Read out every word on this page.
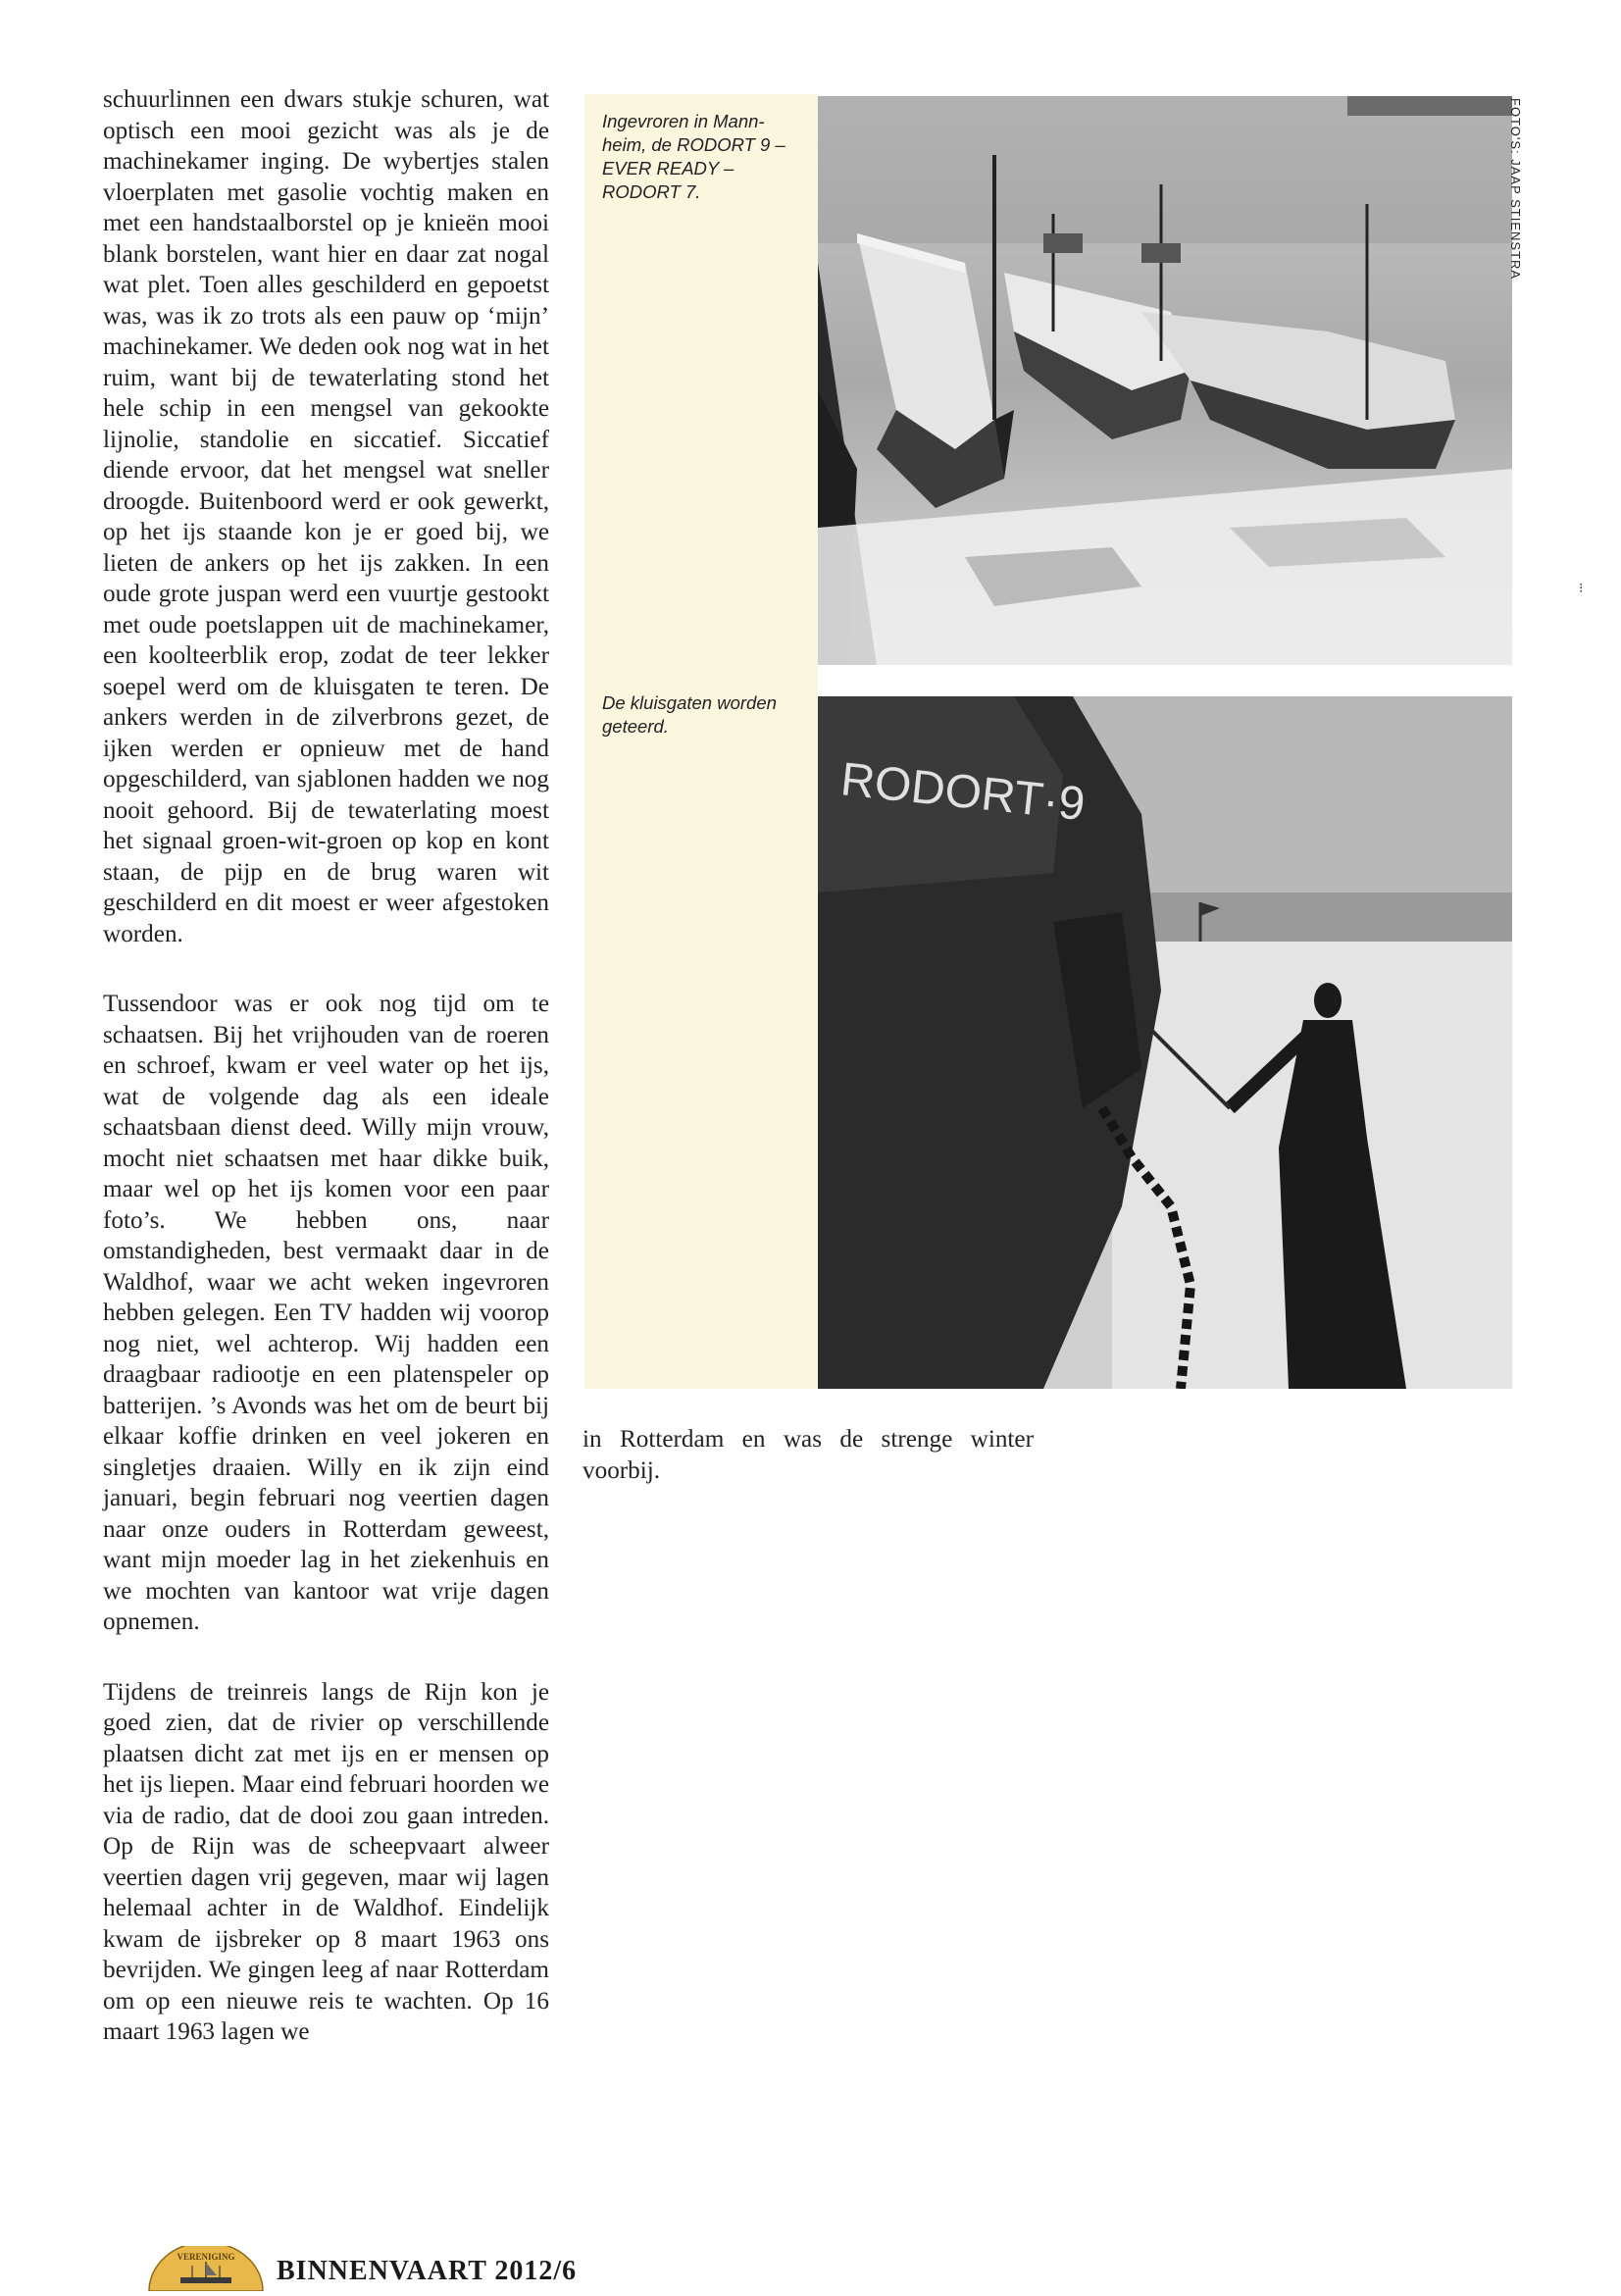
schuurlinnen een dwars stukje schuren, wat optisch een mooi gezicht was als je de machinekamer inging. De wybertjes stalen vloerplaten met gasolie vochtig maken en met een handstaalborstel op je knieën mooi blank borstelen, want hier en daar zat nogal wat plet. Toen alles geschilderd en gepoetst was, was ik zo trots als een pauw op ‘mijn’ machinekamer. We deden ook nog wat in het ruim, want bij de tewaterlating stond het hele schip in een mengsel van gekookte lijnolie, standolie en siccatief. Siccatief diende ervoor, dat het mengsel wat sneller droogde. Buitenboord werd er ook gewerkt, op het ijs staande kon je er goed bij, we lieten de ankers op het ijs zakken. In een oude grote juspan werd een vuurtje gestookt met oude poetslappen uit de machinekamer, een koolteerblik erop, zodat de teer lekker soepel werd om de kluisgaten te teren. De ankers werden in de zilverbrons gezet, de ijken werden er opnieuw met de hand opgeschilderd, van sjablonen hadden we nog nooit gehoord. Bij de tewaterlating moest het signaal groen-wit-groen op kop en kont staan, de pijp en de brug waren wit geschilderd en dit moest er weer afgestoken worden.

Tussendoor was er ook nog tijd om te schaatsen. Bij het vrijhouden van de roeren en schroef, kwam er veel water op het ijs, wat de volgende dag als een ideale schaatsbaan dienst deed. Willy mijn vrouw, mocht niet schaatsen met haar dikke buik, maar wel op het ijs komen voor een paar foto’s. We hebben ons, naar omstandigheden, best vermaakt daar in de Waldhof, waar we acht weken ingevroren hebben gelegen. Een TV hadden wij voorop nog niet, wel achterop. Wij hadden een draagbaar radiootje en een platenspeler op batterijen. ’s Avonds was het om de beurt bij elkaar koffie drinken en veel jokeren en singletjes draaien. Willy en ik zijn eind januari, begin februari nog veertien dagen naar onze ouders in Rotterdam geweest, want mijn moeder lag in het ziekenhuis en we mochten van kantoor wat vrije dagen opnemen.

Tijdens de treinreis langs de Rijn kon je goed zien, dat de rivier op verschillende plaatsen dicht zat met ijs en er mensen op het ijs liepen. Maar eind februari hoorden we via de radio, dat de dooi zou gaan intreden. Op de Rijn was de scheepvaart alweer veertien dagen vrij gegeven, maar wij lagen helemaal achter in de Waldhof. Eindelijk kwam de ijsbreker op 8 maart 1963 ons bevrijden. We gingen leeg af naar Rotterdam om op een nieuwe reis te wachten. Op 16 maart 1963 lagen we

Ingevroren in Mannheim, de RODORT 9 – EVER READY – RODORT 7.
De kluisgaten worden geteerd.
FOTO'S: JAAP STIENSTRA
RODORT·9

in Rotterdam en was de strenge winter voorbij.

VERENIGING BINNENVAART 2012/6
⁝
